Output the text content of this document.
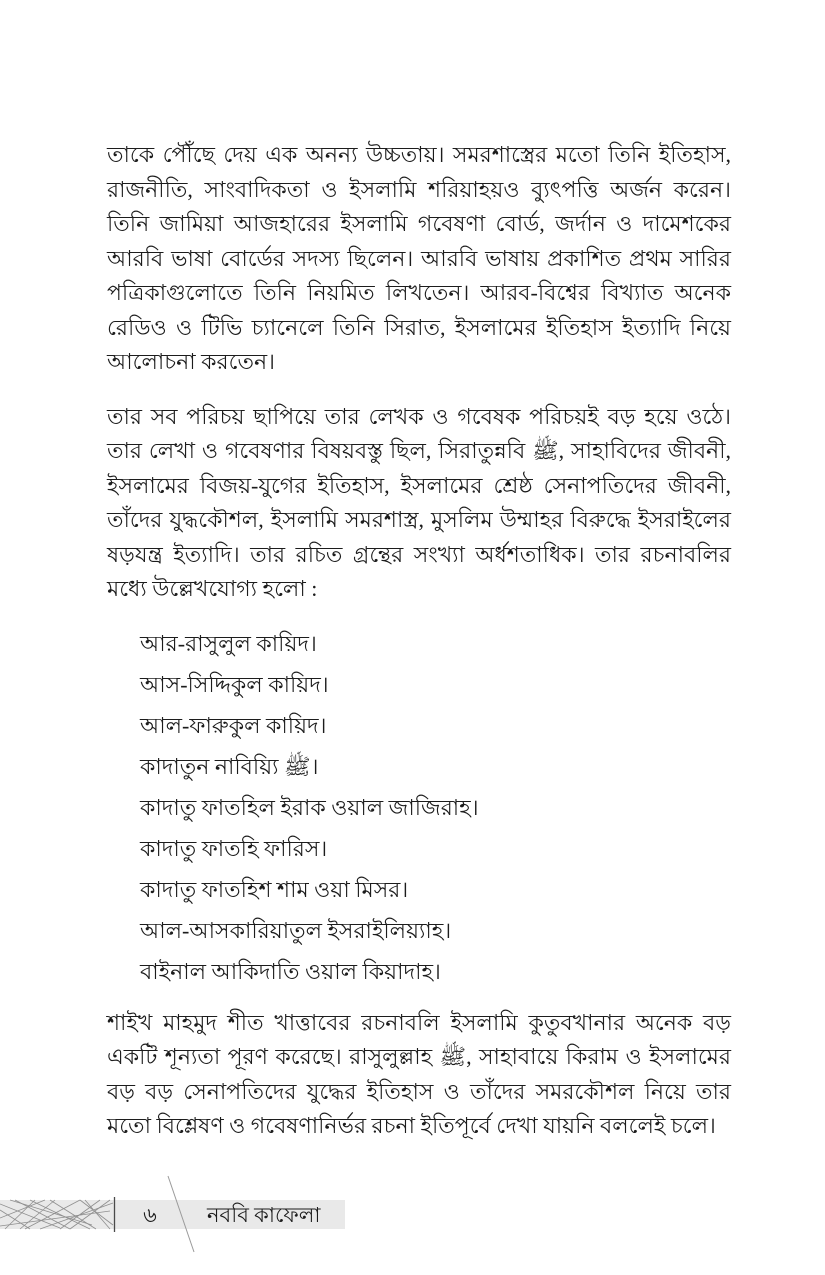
তাকে পৌঁছে দেয় এক অনন্য উচ্চতায়। সমরশাস্ত্রের মতো তিনি ইতিহাস, রাজনীতি, সাংবাদিকতা ও ইসলামি শরিয়াহয়ও ব্যুৎপত্তি অর্জন করেন। তিনি জামিয়া আজহারের ইসলামি গবেষণা বোর্ড, জর্দান ও দামেশকের আরবি ভাষা বোর্ডের সদস্য ছিলেন। আরবি ভাষায় প্রকাশিত প্রথম সারির পত্রিকাগুলোতে তিনি নিয়মিত লিখতেন। আরব-বিশ্বের বিখ্যাত অনেক রেডিও ও টিভি চ্যানেলে তিনি সিরাত, ইসলামের ইতিহাস ইত্যাদি নিয়ে আলোচনা করতেন।

তার সব পরিচয় ছাপিয়ে তার লেখক ও গবেষক পরিচয়ই বড় হয়ে ওঠে। তার লেখা ও গবেষণার বিষয়বস্তু ছিল, সিরাতুন্নবি ﷺ, সাহাবিদের জীবনী, ইসলামের বিজয়-যুগের ইতিহাস, ইসলামের শ্রেষ্ঠ সেনাপতিদের জীবনী, তাঁদের যুদ্ধকৌশল, ইসলামি সমরশাস্ত্র, মুসলিম উম্মাহর বিরুদ্ধে ইসরাইলের ষড়যন্ত্র ইত্যাদি। তার রচিত গ্রন্থের সংখ্যা অর্ধশতাধিক। তার রচনাবলির মধ্যে উল্লেখযোগ্য হলো :

আর-রাসুলুল কায়িদ।
আস-সিদ্দিকুল কায়িদ।
আল-ফারুকুল কায়িদ।
কাদাতুন নাবিয়্যি ﷺ।
কাদাতু ফাতহিল ইরাক ওয়াল জাজিরাহ।
কাদাতু ফাতহি ফারিস।
কাদাতু ফাতহিশ শাম ওয়া মিসর।
আল-আসকারিয়াতুল ইসরাইলিয়্যাহ।
বাইনাল আকিদাতি ওয়াল কিয়াদাহ।

শাইখ মাহমুদ শীত খাত্তাবের রচনাবলি ইসলামি কুতুবখানার অনেক বড় একটি শূন্যতা পূরণ করেছে। রাসুলুল্লাহ ﷺ, সাহাবায়ে কিরাম ও ইসলামের বড় বড় সেনাপতিদের যুদ্ধের ইতিহাস ও তাঁদের সমরকৌশল নিয়ে তার মতো বিশ্লেষণ ও গবেষণানির্ভর রচনা ইতিপূর্বে দেখা যায়নি বললেই চলে।

৬	নববি কাফেলা
